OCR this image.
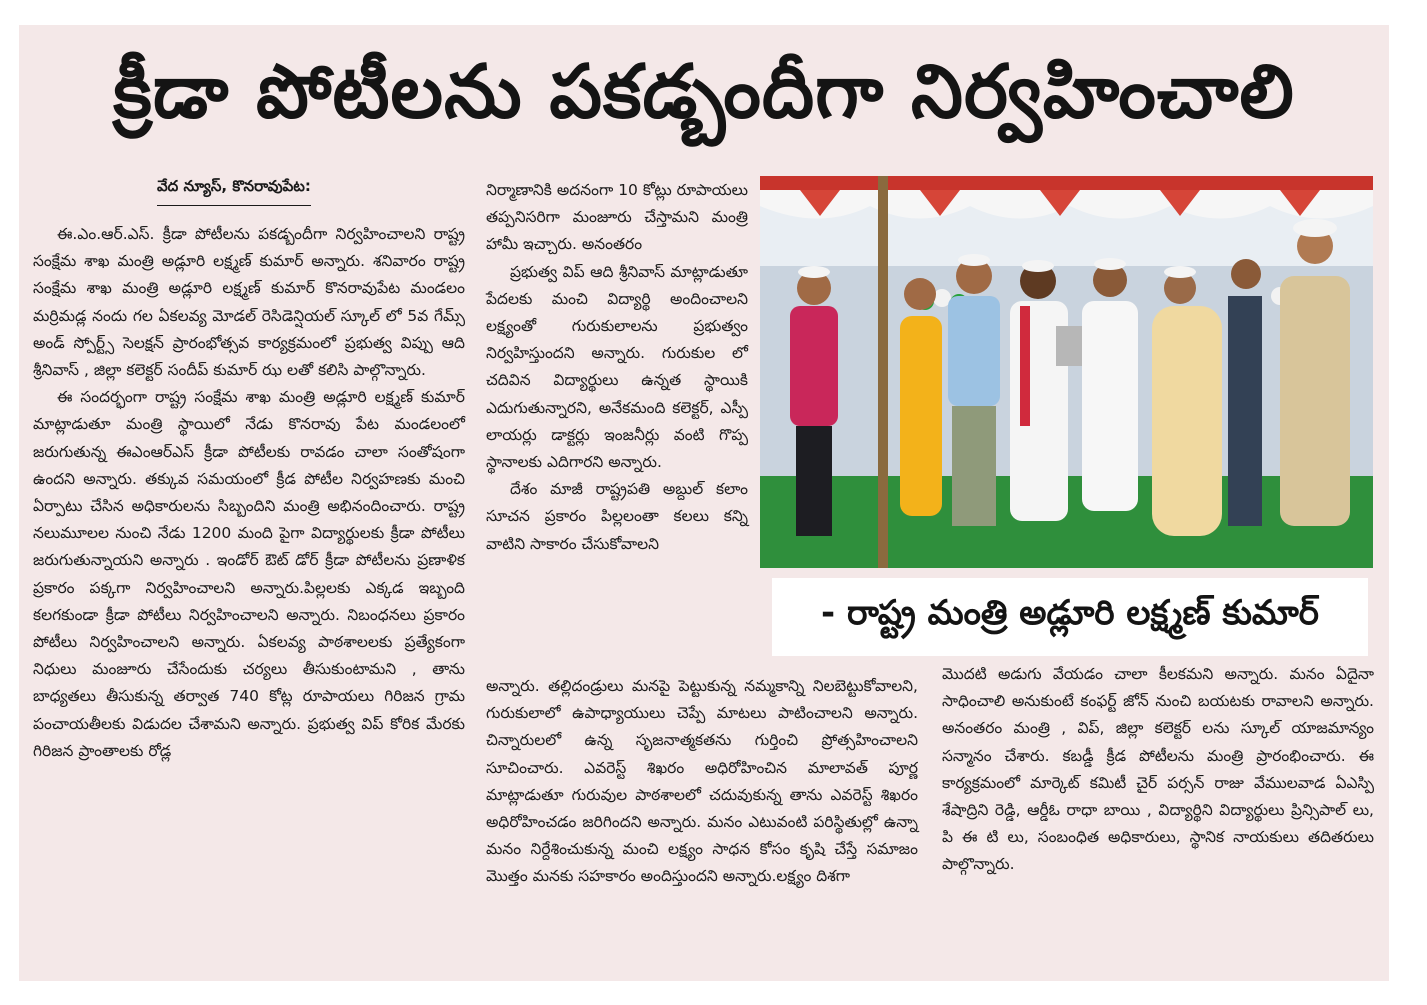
క్రీడా పోటీలను పకడ్బందీగా నిర్వహించాలి
వేద న్యూస్, కొనరావుపేట:

ఈ.ఎం.ఆర్.ఎస్. క్రీడా పోటీలను పకడ్బందీగా నిర్వహించాలని రాష్ట్ర సంక్షేమ శాఖ మంత్రి అడ్లూరి లక్ష్మణ్ కుమార్ అన్నారు. శనివారం రాష్ట్ర సంక్షేమ శాఖ మంత్రి అడ్లూరి లక్ష్మణ్ కుమార్ కొనరావుపేట మండలం మర్రిమడ్ల నందు గల ఏకలవ్య మోడల్ రెసిడెన్షియల్ స్కూల్ లో 5వ గేమ్స్ అండ్ స్పోర్ట్స్ సెలక్షన్ ప్రారంభోత్సవ కార్యక్రమంలో ప్రభుత్వ విప్పు ఆది శ్రీనివాస్ , జిల్లా కలెక్టర్ సందీప్ కుమార్ ఝ లతో కలిసి పాల్గొన్నారు.

ఈ సందర్భంగా రాష్ట్ర సంక్షేమ శాఖ మంత్రి అడ్లూరి లక్ష్మణ్ కుమార్ మాట్లాడుతూ మంత్రి స్థాయిలో నేడు కొనరావు పేట మండలంలో జరుగుతున్న ఈఎంఆర్ఎస్ క్రీడా పోటీలకు రావడం చాలా సంతోషంగా ఉందని అన్నారు. తక్కువ సమయంలో క్రీడ పోటీల నిర్వహణకు మంచి ఏర్పాటు చేసిన అధికారులను సిబ్బందిని మంత్రి అభినందించారు. రాష్ట్ర నలుమూలల నుంచి నేడు 1200 మంది పైగా విద్యార్థులకు క్రీడా పోటీలు జరుగుతున్నాయని అన్నారు . ఇండోర్ ఔట్ డోర్ క్రీడా పోటీలను ప్రణాళిక ప్రకారం పక్కగా నిర్వహించాలని అన్నారు.పిల్లలకు ఎక్కడ ఇబ్బంది కలగకుండా క్రీడా పోటీలు నిర్వహించాలని అన్నారు. నిబంధనలు ప్రకారం పోటీలు నిర్వహించాలని అన్నారు. ఏకలవ్య పాఠశాలలకు ప్రత్యేకంగా నిధులు మంజూరు చేసేందుకు చర్యలు తీసుకుంటామని , తాను బాధ్యతలు తీసుకున్న తర్వాత 740 కోట్ల రూపాయలు గిరిజన గ్రామ పంచాయతీలకు విడుదల చేశామని అన్నారు. ప్రభుత్వ విప్ కోరిక మేరకు గిరిజన ప్రాంతాలకు రోడ్ల

నిర్మాణానికి అదనంగా 10 కోట్లు రూపాయలు తప్పనిసరిగా మంజూరు చేస్తామని మంత్రి హామీ ఇచ్చారు. అనంతరం

ప్రభుత్వ విప్ ఆది శ్రీనివాస్ మాట్లాడుతూ పేదలకు మంచి విద్యార్థి అందించాలని లక్ష్యంతో గురుకులాలను ప్రభుత్వం నిర్వహిస్తుందని అన్నారు. గురుకుల లో చదివిన విద్యార్థులు ఉన్నత స్థాయికి ఎదుగుతున్నారని, అనేకమంది కలెక్టర్, ఎస్పీ లాయర్లు డాక్టర్లు ఇంజనీర్లు వంటి గొప్ప స్థానాలకు ఎదిగారని అన్నారు.

దేశం మాజీ రాష్ట్రపతి అబ్దుల్ కలాం సూచన ప్రకారం పిల్లలంతా కలలు కన్ని వాటిని సాకారం చేసుకోవాలని

అన్నారు. తల్లిదండ్రులు మనపై పెట్టుకున్న నమ్మకాన్ని నిలబెట్టుకోవాలని, గురుకులాలో ఉపాధ్యాయులు చెప్పే మాటలు పాటించాలని అన్నారు. చిన్నారులలో ఉన్న సృజనాత్మకతను గుర్తించి ప్రోత్సహించాలని సూచించారు. ఎవరెస్ట్ శిఖరం అధిరోహించిన మాలావత్ పూర్ణ మాట్లాడుతూ గురువుల పాఠశాలలో చదువుకున్న తాను ఎవరెస్ట్ శిఖరం అధిరోహించడం జరిగిందని అన్నారు. మనం ఎటువంటి పరిస్థితుల్లో ఉన్నా మనం నిర్దేశించుకున్న మంచి లక్ష్యం సాధన కోసం కృషి చేస్తే సమాజం మొత్తం మనకు సహకారం అందిస్తుందని అన్నారు.లక్ష్యం దిశగా

మొదటి అడుగు వేయడం చాలా కీలకమని అన్నారు. మనం ఏదైనా సాధించాలి అనుకుంటే కంఫర్ట్ జోన్ నుంచి బయటకు రావాలని అన్నారు. అనంతరం మంత్రి , విప్, జిల్లా కలెక్టర్ లను స్కూల్ యాజమాన్యం సన్మానం చేశారు. కబడ్డీ క్రీడ పోటీలను మంత్రి ప్రారంభించారు. ఈ కార్యక్రమంలో మార్కెట్ కమిటీ చైర్ పర్సన్ రాజు వేములవాడ ఏఎస్పి శేషాద్రిని రెడ్డి, ఆర్డీఓ రాధా బాయి , విద్యార్థిని విద్యార్థులు ప్రిన్సిపాల్ లు, పి ఈ టి లు, సంబంధిత అధికారులు, స్థానిక నాయకులు తదితరులు పాల్గొన్నారు.

- రాష్ట్ర మంత్రి అడ్లూరి లక్ష్మణ్ కుమార్
